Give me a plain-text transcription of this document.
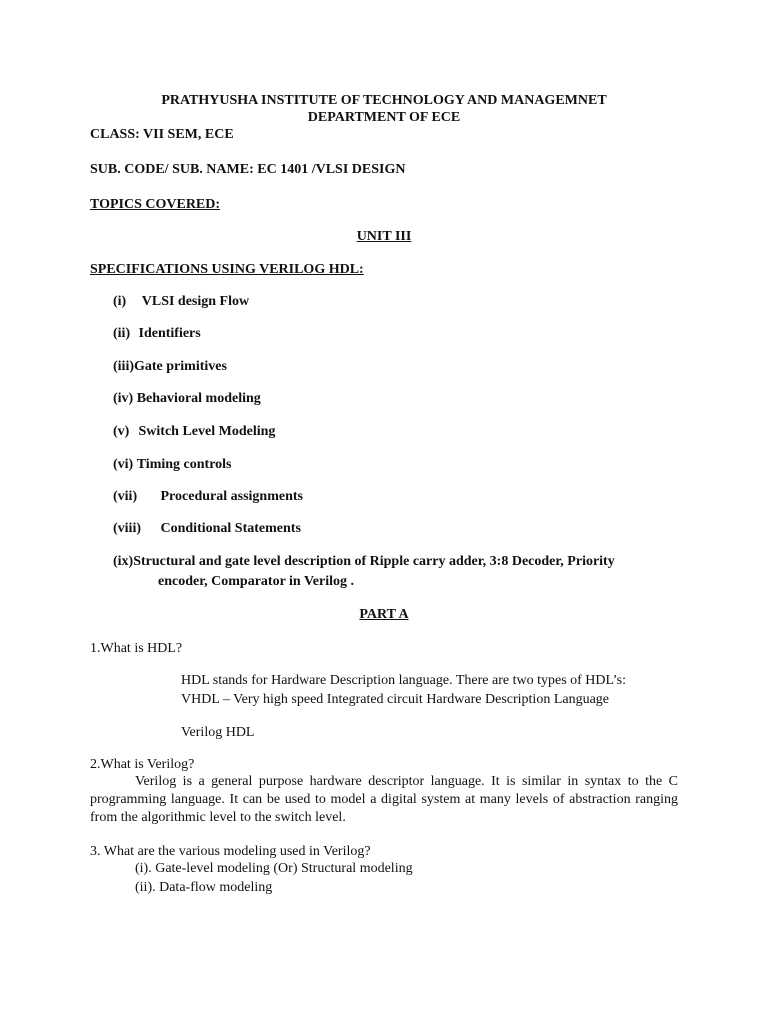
PRATHYUSHA INSTITUTE OF TECHNOLOGY AND MANAGEMNET
DEPARTMENT OF ECE
CLASS: VII SEM, ECE
SUB. CODE/ SUB. NAME: EC 1401 /VLSI DESIGN
TOPICS COVERED:
UNIT III
SPECIFICATIONS USING VERILOG HDL:
(i) VLSI design Flow
(ii) Identifiers
(iii)Gate primitives
(iv) Behavioral modeling
(v) Switch Level Modeling
(vi) Timing controls
(vii) Procedural assignments
(viii) Conditional Statements
(ix)Structural and gate level description of Ripple carry adder, 3:8 Decoder, Priority
encoder, Comparator in Verilog .
PART A
1.What is HDL?
HDL stands for Hardware Description language. There are two types of HDL’s:
VHDL – Very high speed Integrated circuit Hardware Description Language
Verilog HDL
2.What is Verilog?
Verilog is a general purpose hardware descriptor language. It is similar in syntax to the C programming language. It can be used to model a digital system at many levels of abstraction ranging from the algorithmic level to the switch level.
3. What are the various modeling used in Verilog?
(i). Gate-level modeling (Or) Structural modeling
(ii). Data-flow modeling
